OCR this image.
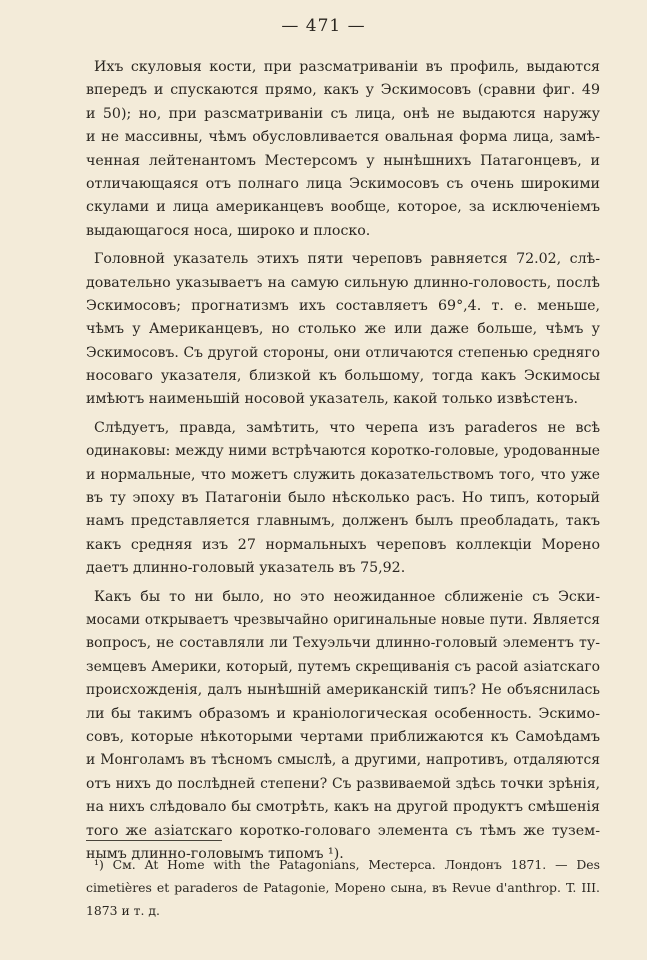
— 471 —
Ихъ скуловыя кости, при разсматриваніи въ профиль, выдаются
впередъ и спускаются прямо, какъ у Эскимосовъ (сравни фиг. 49
и 50); но, при разсматриваніи съ лица, онѣ не выдаются наружу
и не массивны, чѣмъ обусловливается овальная форма лица, замѣ-
ченная лейтенантомъ Местерсомъ у нынѣшнихъ Патагонцевъ, и
отличающаяся отъ полнаго лица Эскимосовъ съ очень широкими
скулами и лица американцевъ вообще, которое, за исключеніемъ
выдающагося носа, широко и плоско.
Головной указатель этихъ пяти череповъ равняется 72.02, слѣ-
довательно указываетъ на самую сильную длинно-головость, послѣ
Эскимосовъ; прогнатизмъ ихъ составляетъ 69°,4. т. е. меньше,
чѣмъ у Американцевъ, но столько же или даже больше, чѣмъ у
Эскимосовъ. Съ другой стороны, они отличаются степенью средняго
носоваго указателя, близкой къ большому, тогда какъ Эскимосы
имѣютъ наименьшій носовой указатель, какой только извѣстенъ.
Слѣдуетъ, правда, замѣтить, что черепа изъ paraderos не всѣ
одинаковы: между ними встрѣчаются коротко-головые, уродованные
и нормальные, что можетъ служить доказательствомъ того, что уже
въ ту эпоху въ Патагоніи было нѣсколько расъ. Но типъ, который
намъ представляется главнымъ, долженъ былъ преобладать, такъ
какъ средняя изъ 27 нормальныхъ череповъ коллекціи Морено
даетъ длинно-головый указатель въ 75,92.
Какъ бы то ни было, но это неожиданное сближеніе съ Эски-
мосами открываетъ чрезвычайно оригинальные новые пути. Является
вопросъ, не составляли ли Техуэльчи длинно-головый элементъ ту-
земцевъ Америки, который, путемъ скрещиванія съ расой азіатскаго
происхожденія, далъ нынѣшній американскій типъ? Не объяснилась
ли бы такимъ образомъ и краніологическая особенность. Эскимо-
совъ, которые нѣкоторыми чертами приближаются къ Самоѣдамъ
и Монголамъ въ тѣсномъ смыслѣ, а другими, напротивъ, отдаляются
отъ нихъ до послѣдней степени? Съ развиваемой здѣсь точки зрѣнія,
на нихъ слѣдовало бы смотрѣть, какъ на другой продуктъ смѣшенія
того же азіатскаго коротко-головаго элемента съ тѣмъ же тузем-
нымъ длинно-головымъ типомъ ¹).
¹) См. At Home with the Patagonians, Местерса. Лондонъ 1871. — Des
cimetières et paraderos de Patagonie, Морено сына, въ Revue d'anthrop. T. III.
1873 и т. д.
